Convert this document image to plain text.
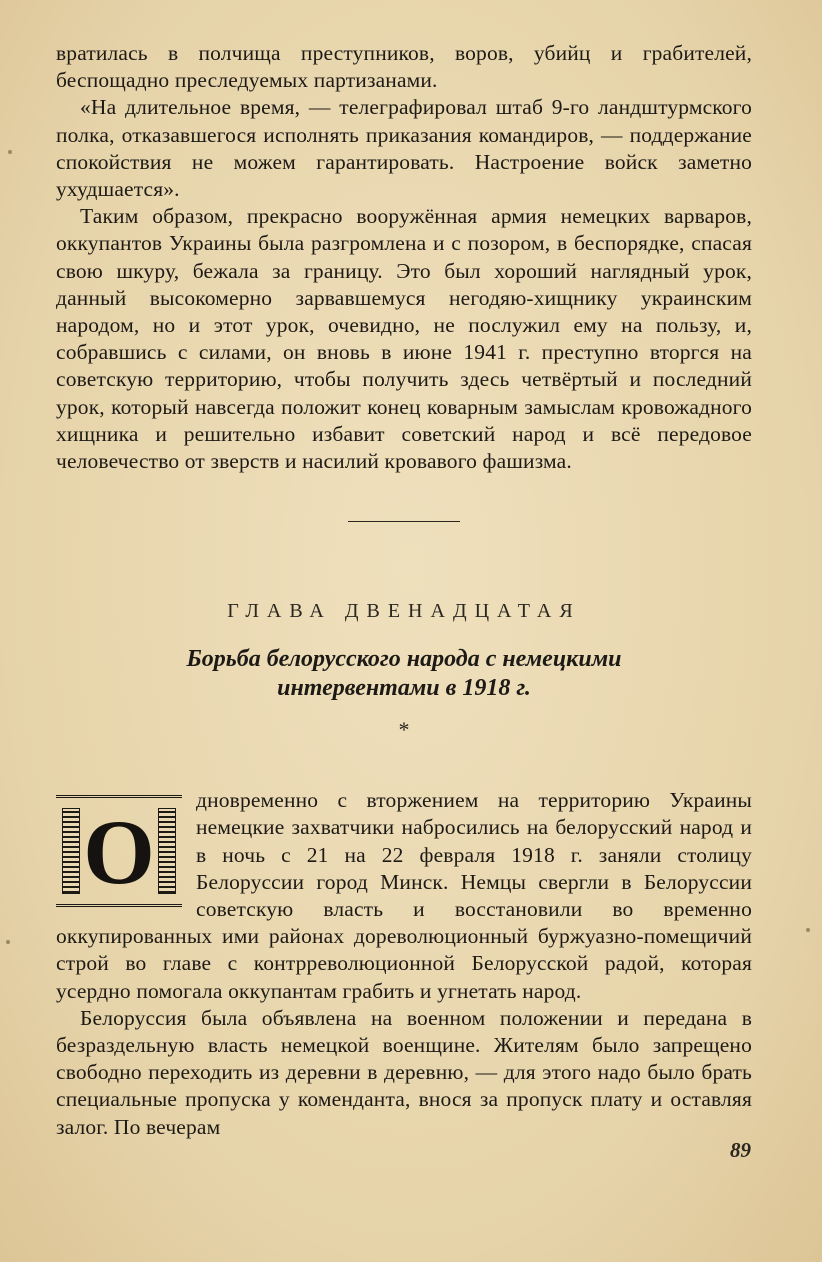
вратилась в полчища преступников, воров, убийц и грабителей, беспощадно преследуемых партизанами.

«На длительное время, — телеграфировал штаб 9-го ландштурмского полка, отказавшегося исполнять приказания командиров, — поддержание спокойствия не можем гарантировать. Настроение войск заметно ухудшается».

Таким образом, прекрасно вооружённая армия немецких варваров, оккупантов Украины была разгромлена и с позором, в беспорядке, спасая свою шкуру, бежала за границу. Это был хороший наглядный урок, данный высокомерно зарвавшемуся негодяю-хищнику украинским народом, но и этот урок, очевидно, не послужил ему на пользу, и, собравшись с силами, он вновь в июне 1941 г. преступно вторгся на советскую территорию, чтобы получить здесь четвёртый и последний урок, который навсегда положит конец коварным замыслам кровожадного хищника и решительно избавит советский народ и всё передовое человечество от зверств и насилий кровавого фашизма.

ГЛАВА ДВЕНАДЦАТАЯ
Борьба белорусского народа с немецкими
интервентами в 1918 г.
*
О

дновременно с вторжением на территорию Украины немецкие захватчики набросились на белорусский народ и в ночь с 21 на 22 февраля 1918 г. заняли столицу Белоруссии город Минск. Немцы свергли в Белоруссии советскую власть и восстановили во временно оккупированных ими районах дореволюционный буржуазно-помещичий строй во главе с контрреволюционной Белорусской радой, которая усердно помогала оккупантам грабить и угнетать народ.

Белоруссия была объявлена на военном положении и передана в безраздельную власть немецкой военщине. Жителям было запрещено свободно переходить из деревни в деревню, — для этого надо было брать специальные пропуска у коменданта, внося за пропуск плату и оставляя залог. По вечерам

89
